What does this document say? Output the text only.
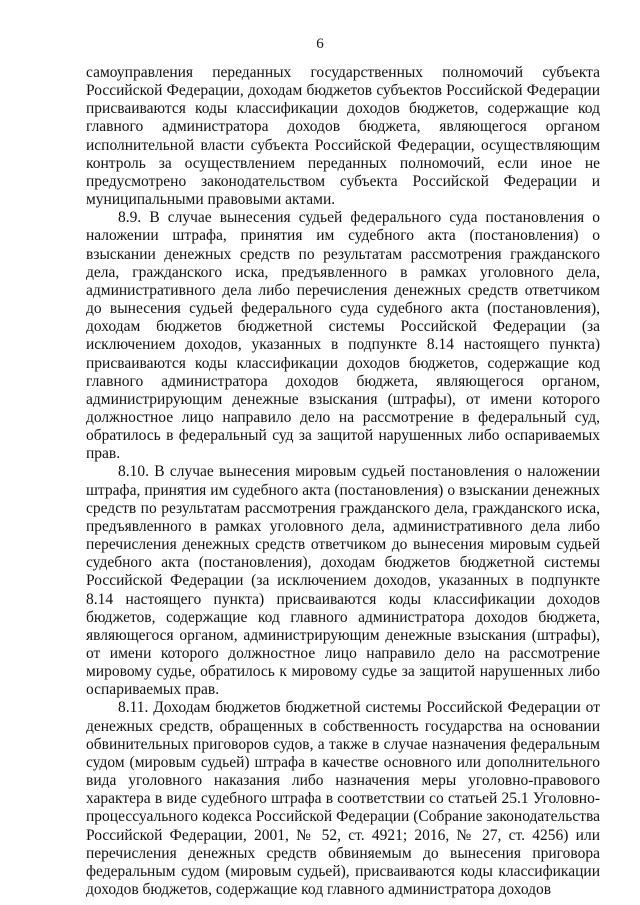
6

самоуправления переданных государственных полномочий субъекта Российской Федерации, доходам бюджетов субъектов Российской Федерации присваиваются коды классификации доходов бюджетов, содержащие код главного администратора доходов бюджета, являющегося органом исполнительной власти субъекта Российской Федерации, осуществляющим контроль за осуществлением переданных полномочий, если иное не предусмотрено законодательством субъекта Российской Федерации и муниципальными правовыми актами.

8.9. В случае вынесения судьей федерального суда постановления о наложении штрафа, принятия им судебного акта (постановления) о взыскании денежных средств по результатам рассмотрения гражданского дела, гражданского иска, предъявленного в рамках уголовного дела, административного дела либо перечисления денежных средств ответчиком до вынесения судьей федерального суда судебного акта (постановления), доходам бюджетов бюджетной системы Российской Федерации (за исключением доходов, указанных в подпункте 8.14 настоящего пункта) присваиваются коды классификации доходов бюджетов, содержащие код главного администратора доходов бюджета, являющегося органом, администрирующим денежные взыскания (штрафы), от имени которого должностное лицо направило дело на рассмотрение в федеральный суд, обратилось в федеральный суд за защитой нарушенных либо оспариваемых прав.

8.10. В случае вынесения мировым судьей постановления о наложении штрафа, принятия им судебного акта (постановления) о взыскании денежных средств по результатам рассмотрения гражданского дела, гражданского иска, предъявленного в рамках уголовного дела, административного дела либо перечисления денежных средств ответчиком до вынесения мировым судьей судебного акта (постановления), доходам бюджетов бюджетной системы Российской Федерации (за исключением доходов, указанных в подпункте 8.14 настоящего пункта) присваиваются коды классификации доходов бюджетов, содержащие код главного администратора доходов бюджета, являющегося органом, администрирующим денежные взыскания (штрафы), от имени которого должностное лицо направило дело на рассмотрение мировому судье, обратилось к мировому судье за защитой нарушенных либо оспариваемых прав.

8.11. Доходам бюджетов бюджетной системы Российской Федерации от денежных средств, обращенных в собственность государства на основании обвинительных приговоров судов, а также в случае назначения федеральным судом (мировым судьей) штрафа в качестве основного или дополнительного вида уголовного наказания либо назначения меры уголовно-правового характера в виде судебного штрафа в соответствии со статьей 25.1 Уголовно-процессуального кодекса Российской Федерации (Собрание законодательства Российской Федерации, 2001, № 52, ст. 4921; 2016, № 27, ст. 4256) или перечисления денежных средств обвиняемым до вынесения приговора федеральным судом (мировым судьей), присваиваются коды классификации доходов бюджетов, содержащие код главного администратора доходов
